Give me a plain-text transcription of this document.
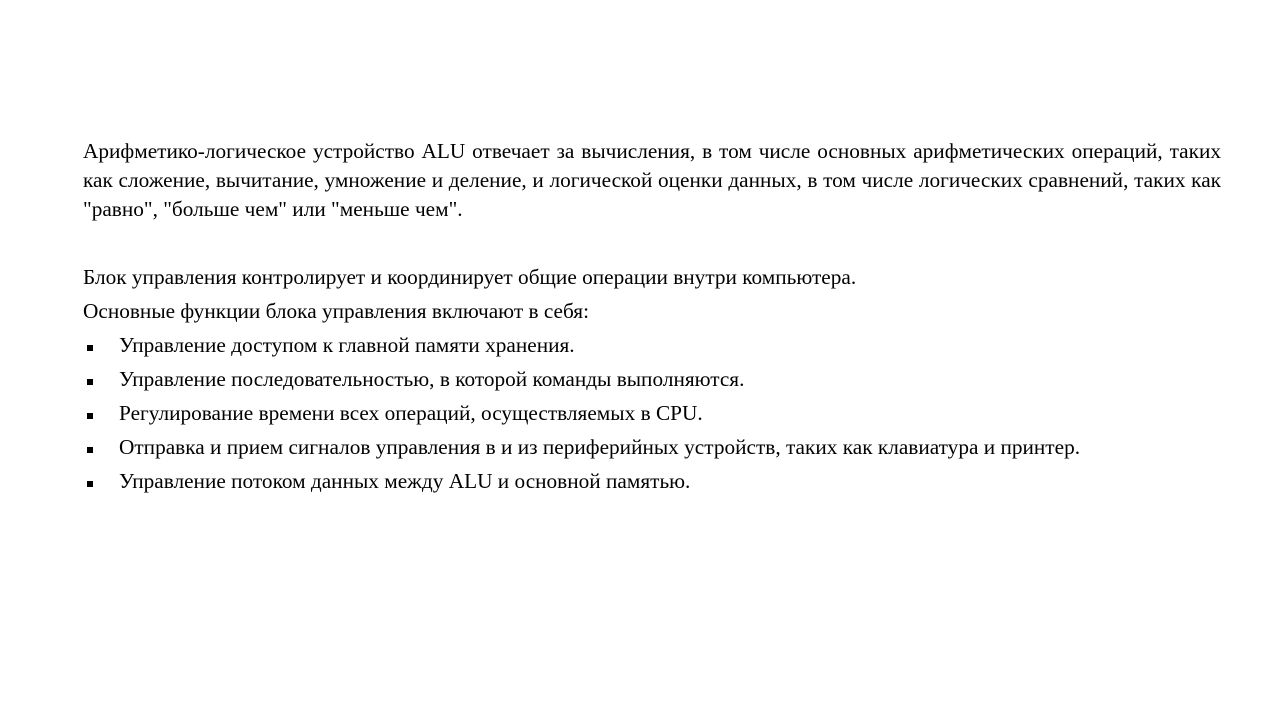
Арифметико-логическое устройство ALU отвечает за вычисления, в том числе основных арифметических операций, таких как сложение, вычитание, умножение и деление, и логической оценки данных, в том числе логических сравнений, таких как "равно", "больше чем" или "меньше чем".

Блок управления контролирует и координирует общие операции внутри компьютера.

Основные функции блока управления включают в себя:

Управление доступом к главной памяти хранения.
Управление последовательностью, в которой команды выполняются.
Регулирование времени всех операций, осуществляемых в CPU.
Отправка и прием сигналов управления в и из периферийных устройств, таких как клавиатура и принтер.
Управление потоком данных между ALU и основной памятью.
